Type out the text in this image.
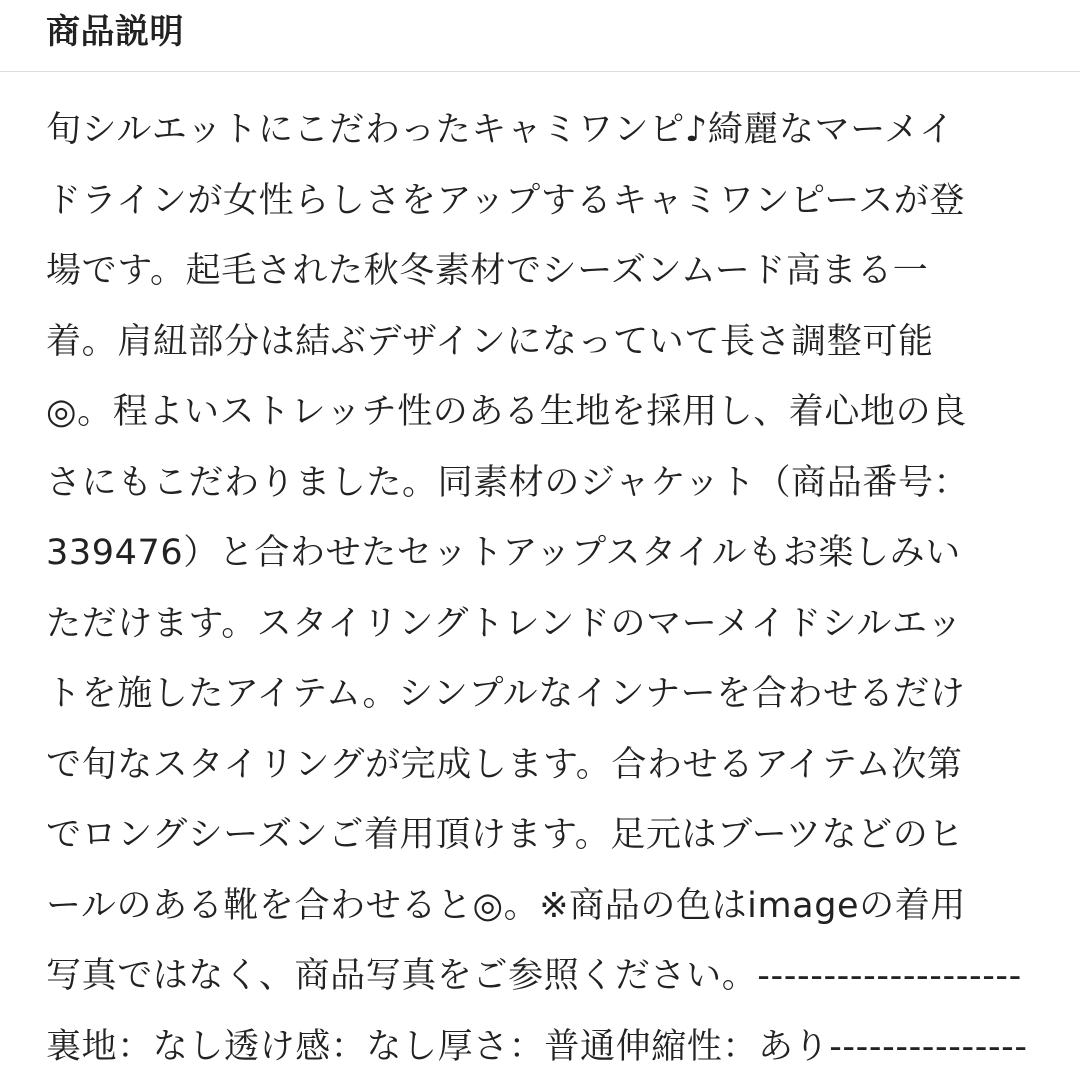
商品説明
旬シルエットにこだわったキャミワンピ♪綺麗なマーメイ
ドラインが女性らしさをアップするキャミワンピースが登
場です。起毛された秋冬素材でシーズンムード高まる一
着。肩紐部分は結ぶデザインになっていて長さ調整可能
◎。程よいストレッチ性のある生地を採用し、着心地の良
さにもこだわりました。同素材のジャケット（商品番号：
339476）と合わせたセットアップスタイルもお楽しみい
ただけます。スタイリングトレンドのマーメイドシルエッ
トを施したアイテム。シンプルなインナーを合わせるだけ
で旬なスタイリングが完成します。合わせるアイテム次第
でロングシーズンご着用頂けます。足元はブーツなどのヒ
ールのある靴を合わせると◎。※商品の色はimageの着用
写真ではなく、商品写真をご参照ください。--------------------
裏地：なし透け感：なし厚さ：普通伸縮性：あり---------------
